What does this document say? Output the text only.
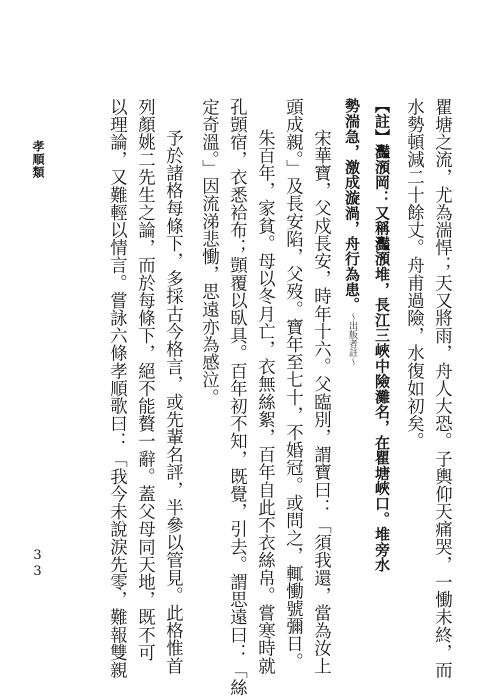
瞿塘之流，尤為湍悍；天又將雨，舟人大恐。子輿仰天痛哭，一慟未終，而
水勢頓減二十餘丈。舟甫過險，水復如初矣。
【註】灩澦岡：又稱灩澦堆，長江三峽中險灘名，在瞿塘峽口。堆旁水
勢湍急，激成漩渦，舟行為患。～出版者註～
宋華寶，父戍長安，時年十六。父臨別，謂寶曰：「須我還，當為汝上
頭成親。」及長安陷，父歿。寶年至七十，不婚冠。或問之，輒慟號彌日。
朱百年，家貧。母以冬月亡，衣無絲絮，百年自此不衣絲帛。嘗寒時就
孔顗宿，衣悉袷布；顗覆以臥具。百年初不知，既覺，引去。謂思遠曰：「絲
定奇溫。」因流涕悲慟，思遠亦為感泣。
予於諸格每條下，多採古今格言，或先輩名評，半參以管見。此格惟首
列顏姚二先生之論，而於每條下，絕不能贅一辭。蓋父母同天地，既不可
以理論，又難輕以情言。嘗詠六條孝順歌曰：「我今未說淚先零，難報雙親
孝順類
33
